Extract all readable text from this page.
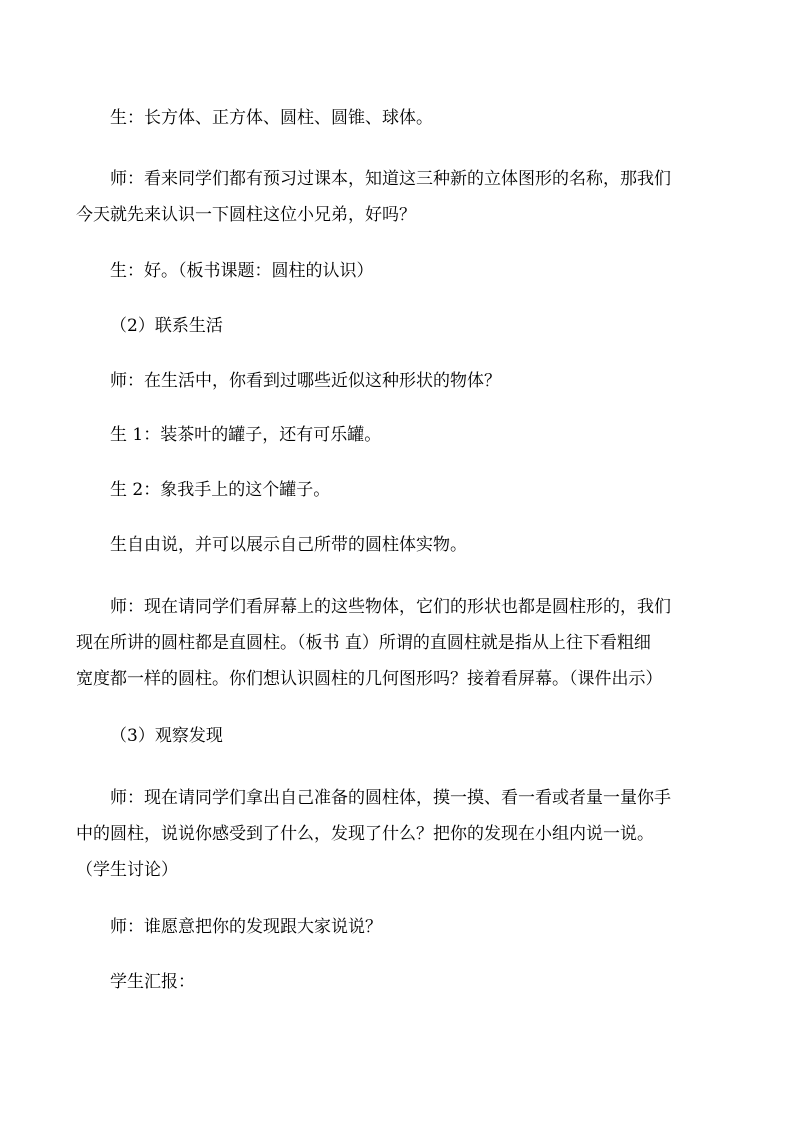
生：长方体、正方体、圆柱、圆锥、球体。

师：看来同学们都有预习过课本，知道这三种新的立体图形的名称，那我们
今天就先来认识一下圆柱这位小兄弟，好吗？

生：好。（板书课题：圆柱的认识）

（2）联系生活

师：在生活中，你看到过哪些近似这种形状的物体？

生 1：装茶叶的罐子，还有可乐罐。

生 2：象我手上的这个罐子。

生自由说，并可以展示自己所带的圆柱体实物。

师：现在请同学们看屏幕上的这些物体，它们的形状也都是圆柱形的，我们
现在所讲的圆柱都是直圆柱。（板书 直）所谓的直圆柱就是指从上往下看粗细
宽度都一样的圆柱。你们想认识圆柱的几何图形吗？接着看屏幕。（课件出示）

（3）观察发现

师：现在请同学们拿出自己准备的圆柱体，摸一摸、看一看或者量一量你手
中的圆柱，说说你感受到了什么，发现了什么？把你的发现在小组内说一说。
（学生讨论）

师：谁愿意把你的发现跟大家说说？

学生汇报：
